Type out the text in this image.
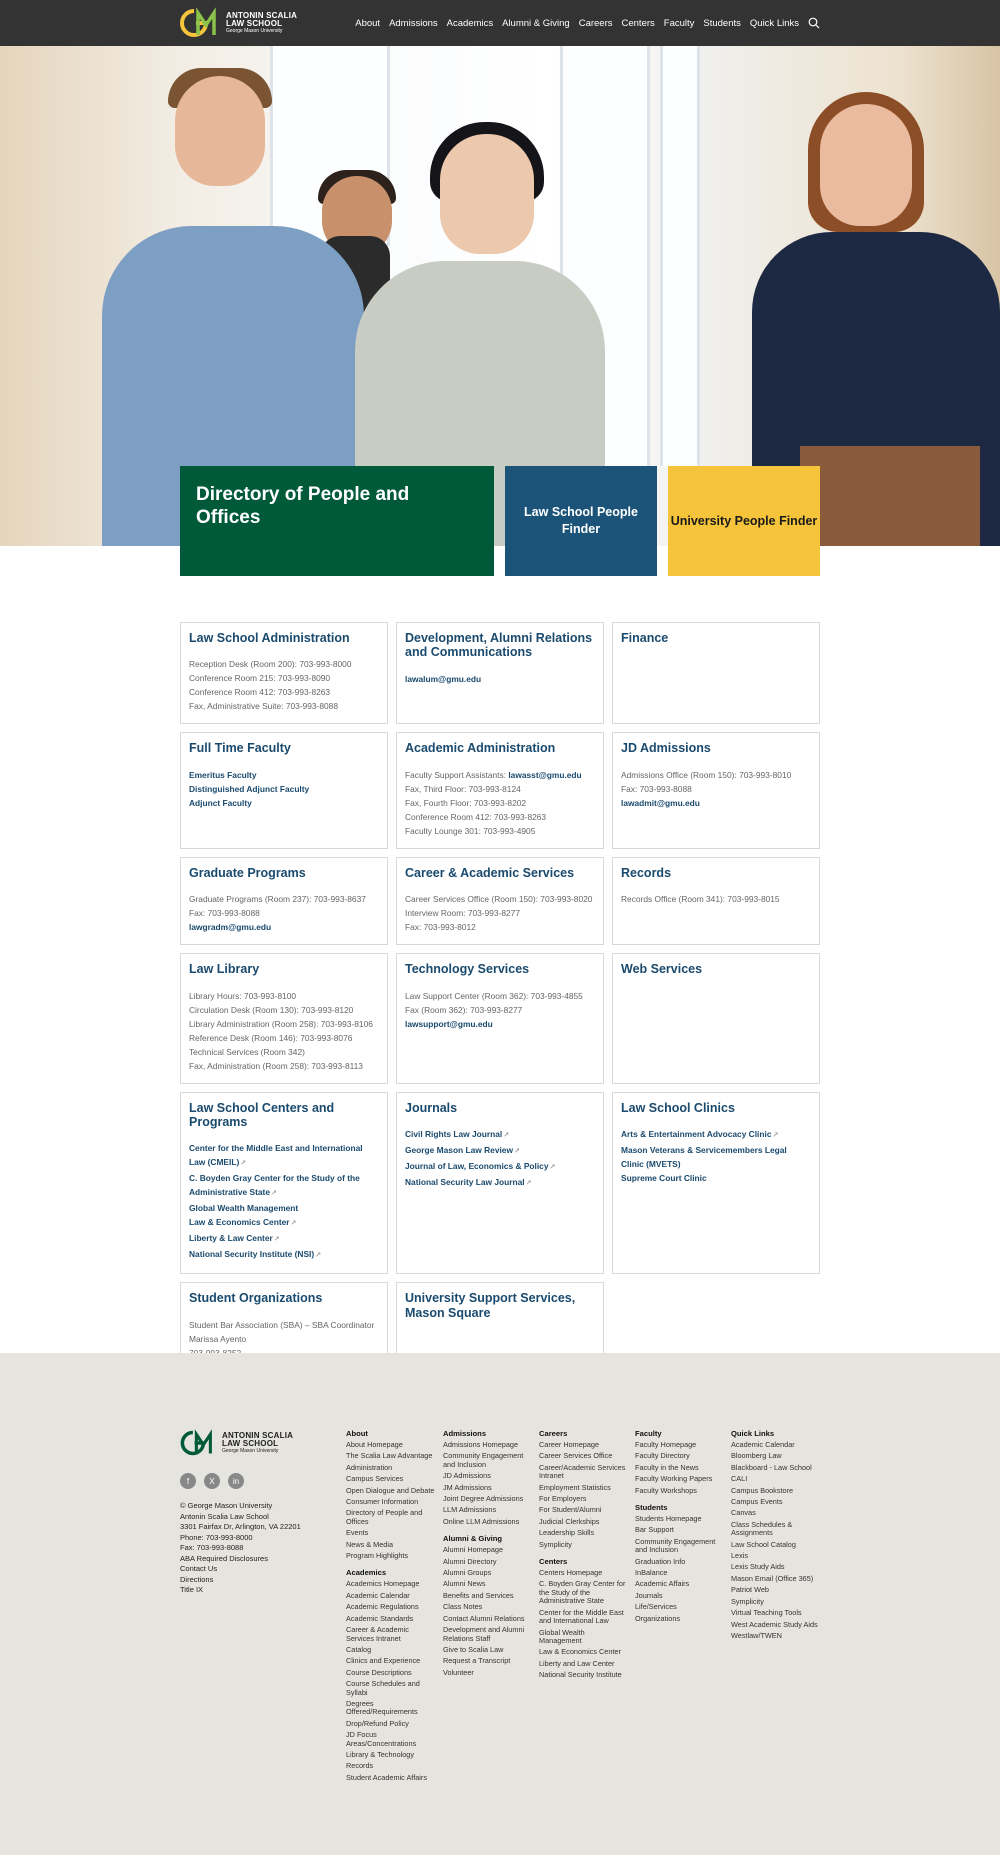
ANTONIN SCALIA
LAW SCHOOL
George Mason University
About Admissions Academics Alumni & Giving Careers Centers Faculty Students Quick Links
Directory of People and Offices	Law School People Finder
University People Finder
Law School Administration
Reception Desk (Room 200): 703-993-8000
Conference Room 215: 703-993-8090
Conference Room 412: 703-993-8263
Fax, Administrative Suite: 703-993-8088
Development, Alumni Relations and Communications
lawalum@gmu.edu
Finance
Full Time Faculty
Emeritus Faculty
Distinguished Adjunct Faculty
Adjunct Faculty
Academic Administration
Faculty Support Assistants: lawasst@gmu.edu
Fax, Third Floor: 703-993-8124
Fax, Fourth Floor: 703-993-8202
Conference Room 412: 703-993-8263
Faculty Lounge 301: 703-993-4905
JD Admissions
Admissions Office (Room 150): 703-993-8010
Fax: 703-993-8088
lawadmit@gmu.edu
Graduate Programs
Graduate Programs (Room 237): 703-993-8637
Fax: 703-993-8088
lawgradm@gmu.edu
Career & Academic Services
Career Services Office (Room 150): 703-993-8020
Interview Room: 703-993-8277
Fax: 703-993-8012
Records
Records Office (Room 341): 703-993-8015
Law Library
Library Hours: 703-993-8100
Circulation Desk (Room 130): 703-993-8120
Library Administration (Room 258): 703-993-8106
Reference Desk (Room 146): 703-993-8076
Technical Services (Room 342)
Fax, Administration (Room 258): 703-993-8113
Technology Services
Law Support Center (Room 362): 703-993-4855
Fax (Room 362): 703-993-8277
lawsupport@gmu.edu
Web Services
Law School Centers and Programs
Center for the Middle East and International Law (CMEIL)↗
C. Boyden Gray Center for the Study of the Administrative State↗
Global Wealth Management
Law & Economics Center↗
Liberty & Law Center↗
National Security Institute (NSI)↗
Journals
Civil Rights Law Journal↗
George Mason Law Review↗
Journal of Law, Economics & Policy↗
National Security Law Journal↗
Law School Clinics
Arts & Entertainment Advocacy Clinic↗
Mason Veterans & Servicemembers Legal Clinic (MVETS)
Supreme Court Clinic
Student Organizations
Student Bar Association (SBA) – SBA Coordinator
Marissa Ayento
University Support Services, Mason Square
ANTONIN SCALIA
LAW SCHOOL
George Mason University
f	X	in
© George Mason University
Antonin Scalia Law School
3301 Fairfax Dr, Arlington, VA 22201
Phone: 703-993-8000
Fax: 703-993-8088
ABA Required Disclosures
Contact Us
Directions
Title IX
About
About Homepage
The Scalia Law Advantage
Administration
Campus Services
Open Dialogue and Debate
Consumer Information
Directory of People and Offices
Events
News & Media
Program Highlights
Academics
Academics Homepage
Academic Calendar
Academic Regulations
Academic Standards
Career & Academic Services Intranet
Catalog
Clinics and Experience
Course Descriptions
Course Schedules and Syllabi
Degrees Offered/Requirements
Drop/Refund Policy
JD Focus Areas/Concentrations
Library & Technology
Records
Student Academic Affairs
Admissions
Admissions Homepage
Community Engagement and Inclusion
JD Admissions
JM Admissions
Joint Degree Admissions
LLM Admissions
Online LLM Admissions
Alumni & Giving
Alumni Homepage
Alumni Directory
Alumni Groups
Alumni News
Benefits and Services
Class Notes
Contact Alumni Relations
Development and Alumni Relations Staff
Give to Scalia Law
Request a Transcript
Volunteer
Careers
Career Homepage
Career Services Office
Career/Academic Services Intranet
Employment Statistics
For Employers
For Student/Alumni
Judicial Clerkships
Leadership Skills
Symplicity
Centers
Centers Homepage
C. Boyden Gray Center for the Study of the Administrative State
Center for the Middle East and International Law
Global Wealth Management
Law & Economics Center
Liberty and Law Center
National Security Institute
Faculty
Faculty Homepage
Faculty Directory
Faculty in the News
Faculty Working Papers
Faculty Workshops
Students
Students Homepage
Bar Support
Community Engagement and Inclusion
Graduation Info
InBalance
Academic Affairs
Journals
Life/Services
Organizations
Quick Links
Academic Calendar
Bloomberg Law
Blackboard - Law School
CALI
Campus Bookstore
Campus Events
Canvas
Class Schedules & Assignments
Law School Catalog
Lexis
Lexis Study Aids
Mason Email (Office 365)
Patriot Web
Symplicity
Virtual Teaching Tools
West Academic Study Aids
Westlaw/TWEN
